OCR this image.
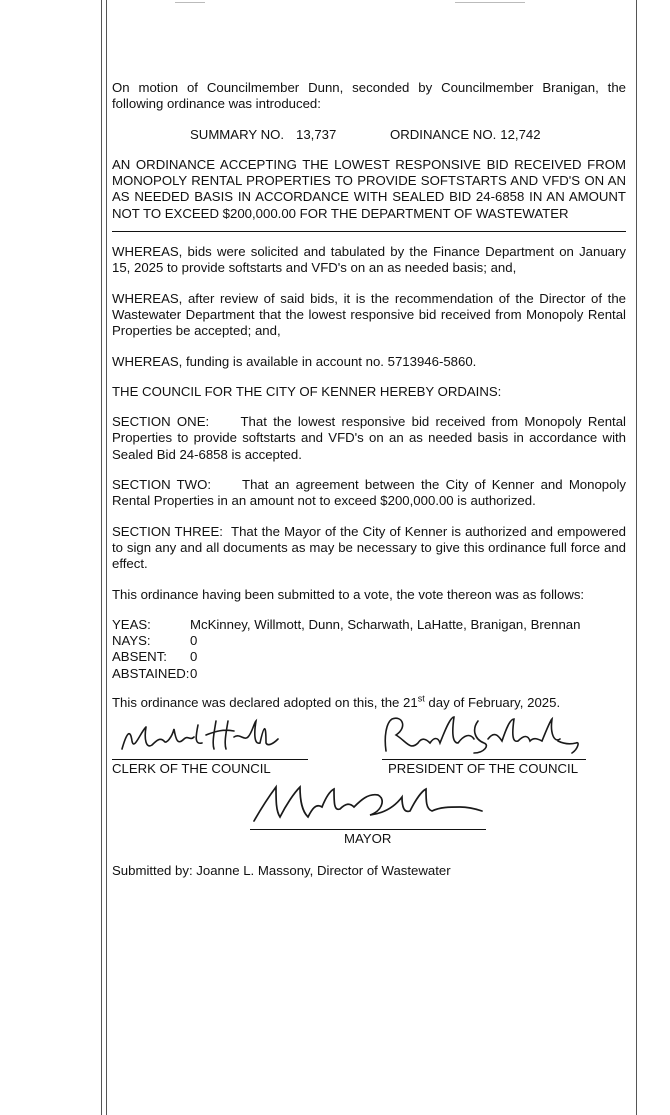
On motion of Councilmember Dunn, seconded by Councilmember Branigan, the following ordinance was introduced:

SUMMARY NO. 13,737	ORDINANCE NO. 12,742

AN ORDINANCE ACCEPTING THE LOWEST RESPONSIVE BID RECEIVED FROM MONOPOLY RENTAL PROPERTIES TO PROVIDE SOFTSTARTS AND VFD'S ON AN AS NEEDED BASIS IN ACCORDANCE WITH SEALED BID 24-6858 IN AN AMOUNT NOT TO EXCEED $200,000.00 FOR THE DEPARTMENT OF WASTEWATER

WHEREAS, bids were solicited and tabulated by the Finance Department on January 15, 2025 to provide softstarts and VFD's on an as needed basis; and,

WHEREAS, after review of said bids, it is the recommendation of the Director of the Wastewater Department that the lowest responsive bid received from Monopoly Rental Properties be accepted; and,

WHEREAS, funding is available in account no. 5713946-5860.

THE COUNCIL FOR THE CITY OF KENNER HEREBY ORDAINS:

SECTION ONE:     That the lowest responsive bid received from Monopoly Rental Properties to provide softstarts and VFD's on an as needed basis in accordance with Sealed Bid 24-6858 is accepted.

SECTION TWO:     That an agreement between the City of Kenner and Monopoly Rental Properties in an amount not to exceed $200,000.00 is authorized.

SECTION THREE:  That the Mayor of the City of Kenner is authorized and empowered to sign any and all documents as may be necessary to give this ordinance full force and effect.

This ordinance having been submitted to a vote, the vote thereon was as follows:

YEAS:	McKinney, Willmott, Dunn, Scharwath, LaHatte, Branigan, Brennan
NAYS:	0
ABSENT:	0
ABSTAINED: 0

This ordinance was declared adopted on this, the 21st day of February, 2025.

CLERK OF THE COUNCIL	PRESIDENT OF THE COUNCIL
MAYOR

Submitted by: Joanne L. Massony, Director of Wastewater
